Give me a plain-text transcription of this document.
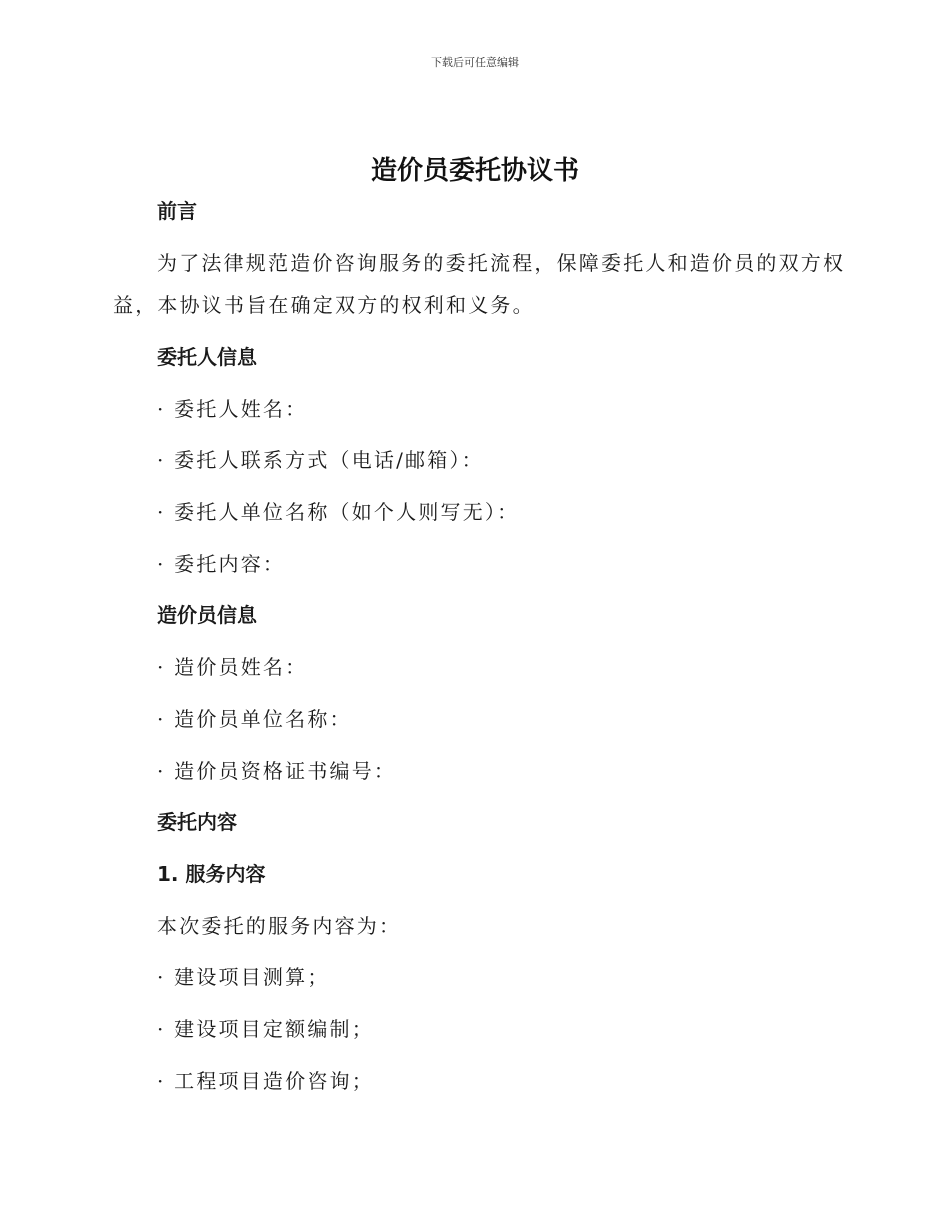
下载后可任意编辑
造价员委托协议书
前言
为了法律规范造价咨询服务的委托流程，保障委托人和造价员的双方权
益，本协议书旨在确定双方的权利和义务。
委托人信息
· 委托人姓名：
· 委托人联系方式（电话/邮箱）：
· 委托人单位名称（如个人则写无）：
· 委托内容：
造价员信息
· 造价员姓名：
· 造价员单位名称：
· 造价员资格证书编号：
委托内容
1. 服务内容
本次委托的服务内容为：
· 建设项目测算；
· 建设项目定额编制；
· 工程项目造价咨询；
